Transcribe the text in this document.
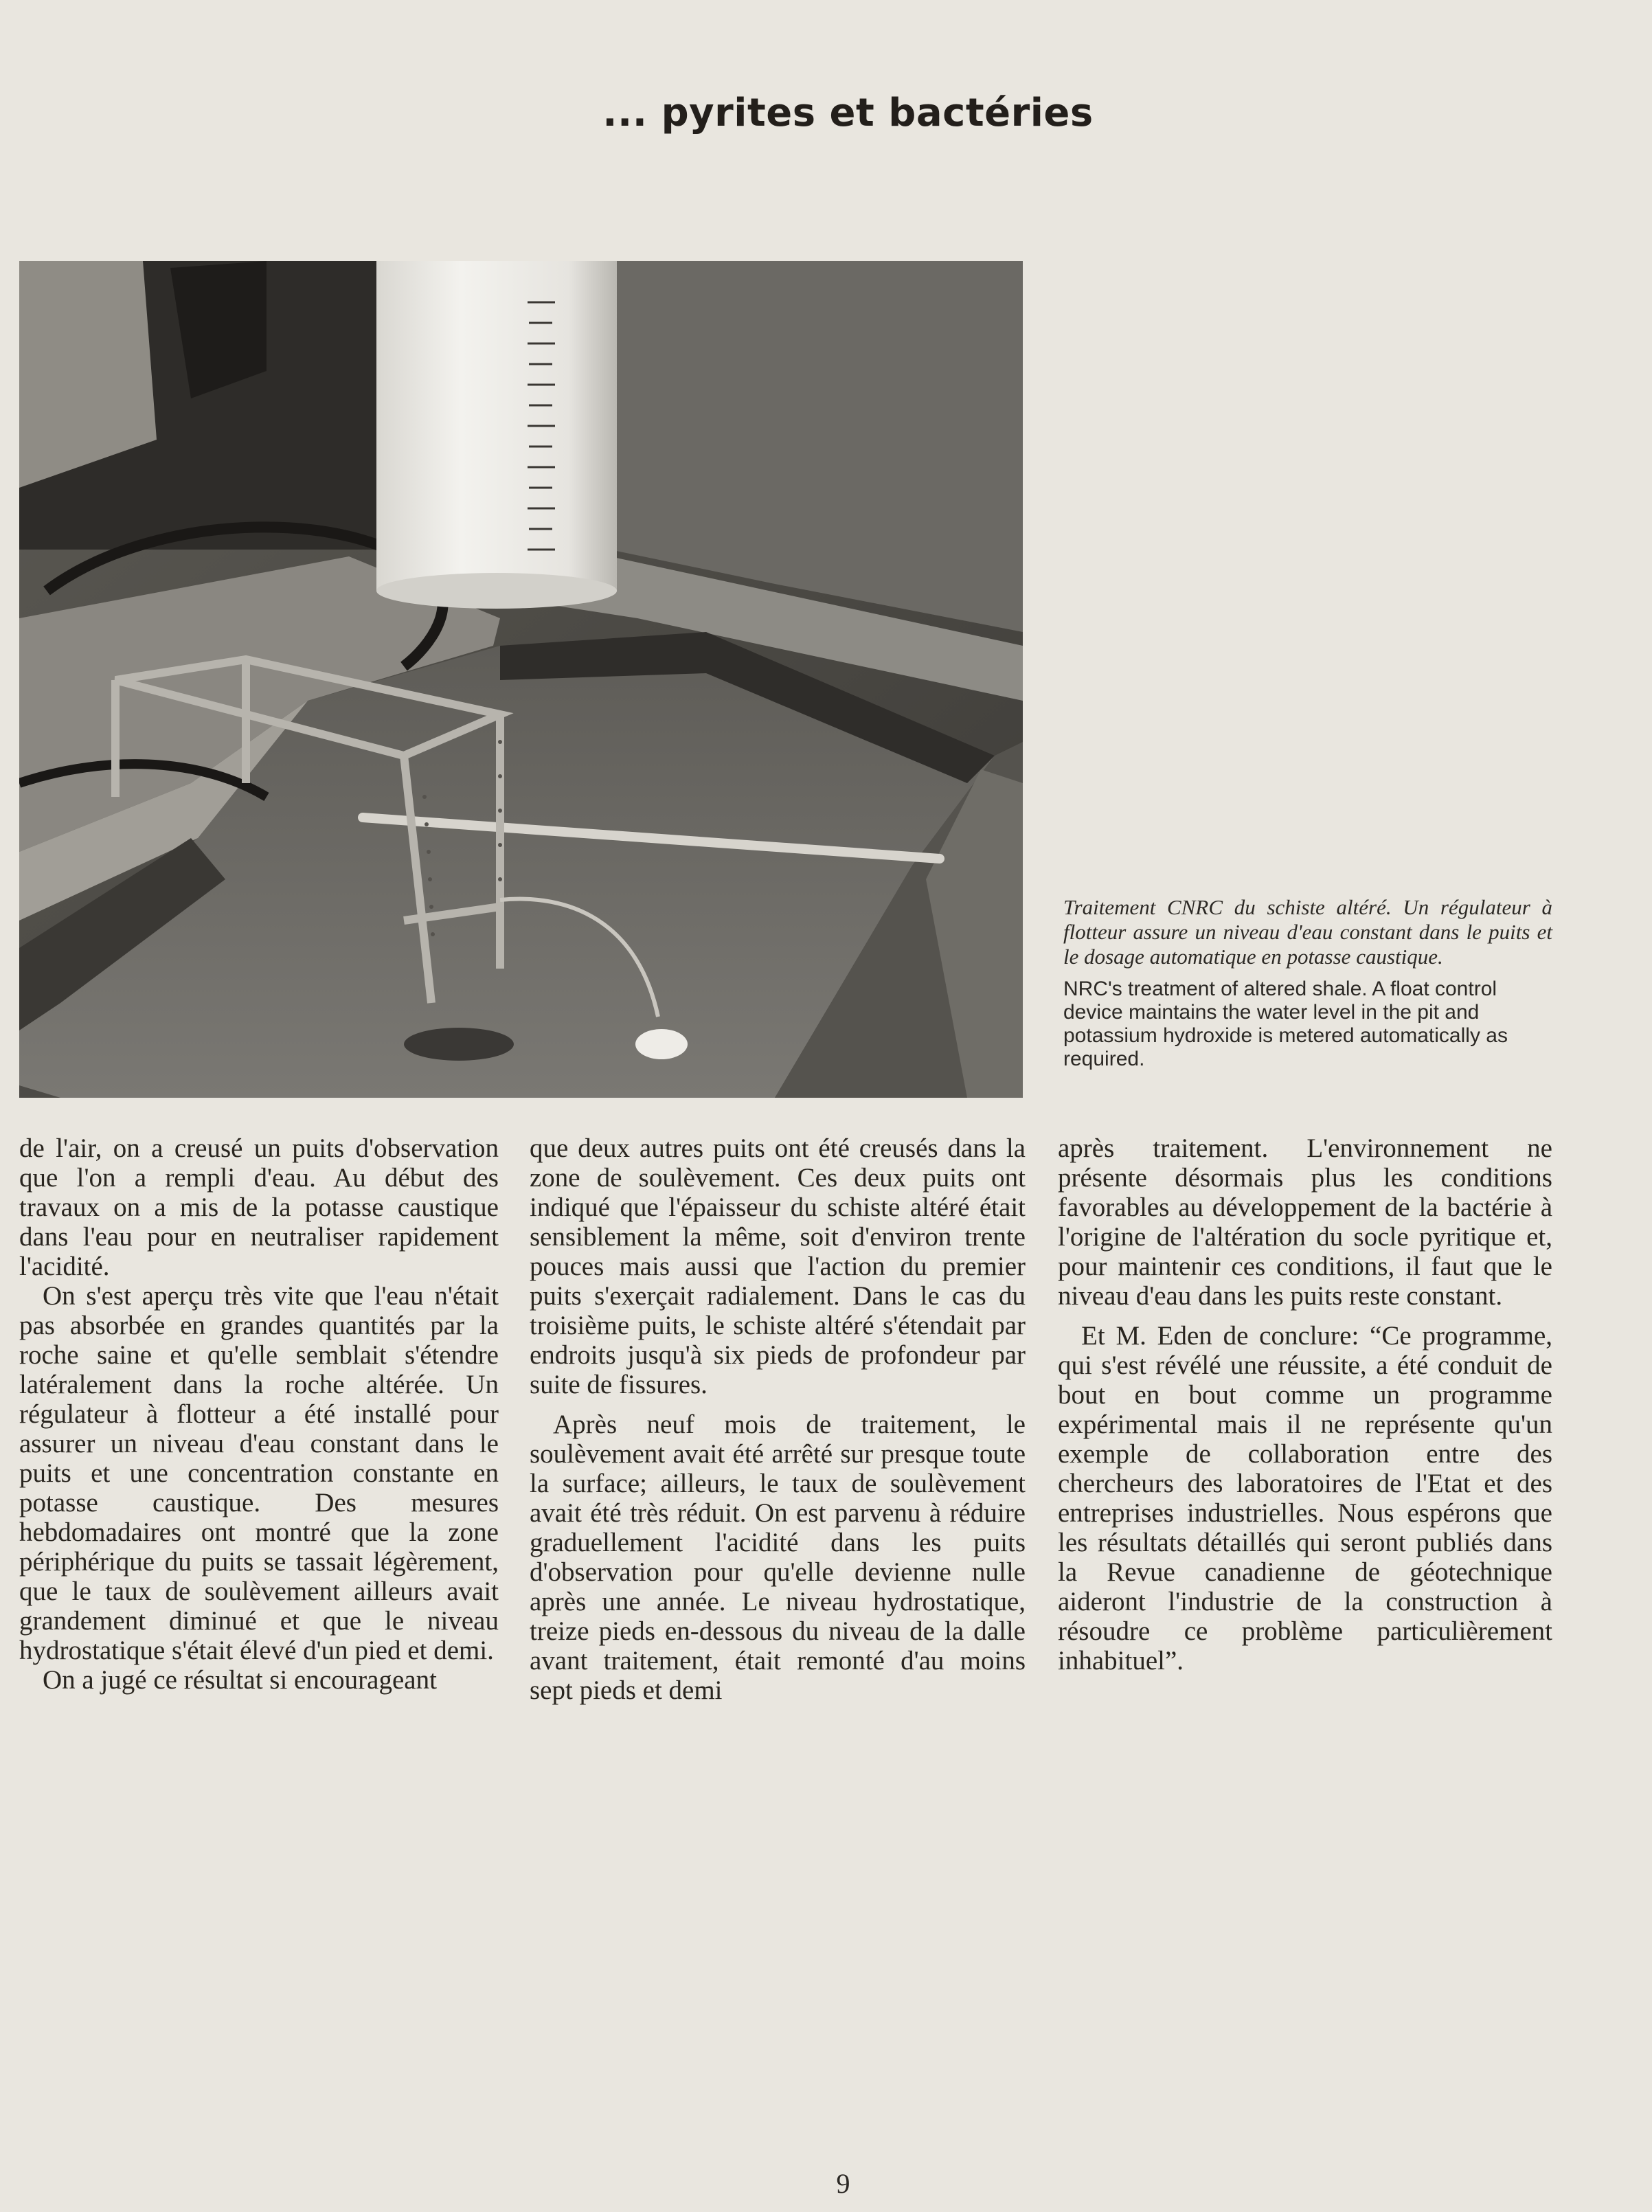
... pyrites et bactéries

Traitement CNRC du schiste altéré. Un régulateur à flotteur assure un niveau d'eau constant dans le puits et le dosage automatique en potasse caustique.

NRC's treatment of altered shale. A float control device maintains the water level in the pit and potassium hydroxide is metered automatically as required.

de l'air, on a creusé un puits d'observation que l'on a rempli d'eau. Au début des travaux on a mis de la potasse caustique dans l'eau pour en neutraliser rapidement l'acidité.

On s'est aperçu très vite que l'eau n'était pas absorbée en grandes quantités par la roche saine et qu'elle semblait s'étendre latéralement dans la roche altérée. Un régulateur à flotteur a été installé pour assurer un niveau d'eau constant dans le puits et une concentration constante en potasse caustique. Des mesures hebdomadaires ont montré que la zone périphérique du puits se tassait légèrement, que le taux de soulèvement ailleurs avait grandement diminué et que le niveau hydrostatique s'était élevé d'un pied et demi.

On a jugé ce résultat si encourageant

que deux autres puits ont été creusés dans la zone de soulèvement. Ces deux puits ont indiqué que l'épaisseur du schiste altéré était sensiblement la même, soit d'environ trente pouces mais aussi que l'action du premier puits s'exerçait radialement. Dans le cas du troisième puits, le schiste altéré s'étendait par endroits jusqu'à six pieds de profondeur par suite de fissures.

Après neuf mois de traitement, le soulèvement avait été arrêté sur presque toute la surface; ailleurs, le taux de soulèvement avait été très réduit. On est parvenu à réduire graduellement l'acidité dans les puits d'observation pour qu'elle devienne nulle après une année. Le niveau hydrostatique, treize pieds en-dessous du niveau de la dalle avant traitement, était remonté d'au moins sept pieds et demi

après traitement. L'environnement ne présente désormais plus les conditions favorables au développement de la bactérie à l'origine de l'altération du socle pyritique et, pour maintenir ces conditions, il faut que le niveau d'eau dans les puits reste constant.

Et M. Eden de conclure: “Ce programme, qui s'est révélé une réussite, a été conduit de bout en bout comme un programme expérimental mais il ne représente qu'un exemple de collaboration entre des chercheurs des laboratoires de l'Etat et des entreprises industrielles. Nous espérons que les résultats détaillés qui seront publiés dans la Revue canadienne de géotechnique aideront l'industrie de la construction à résoudre ce problème particulièrement inhabituel”.

9
